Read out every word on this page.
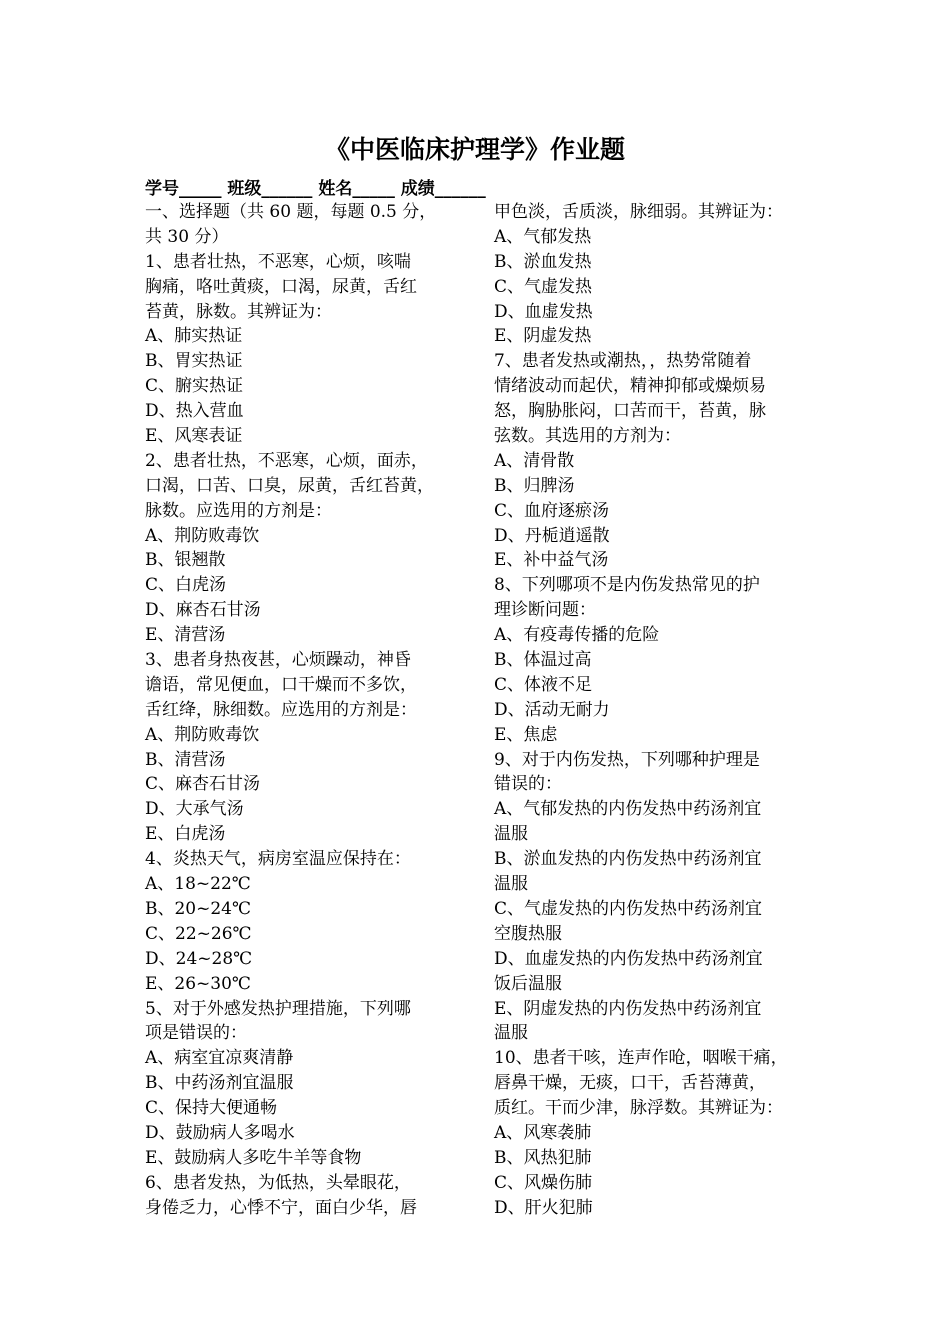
《中医临床护理学》作业题
学号_____ 班级______ 姓名_____ 成绩______
一、选择题（共 60 题，每题 0.5 分，
共 30 分）
1、患者壮热，不恶寒，心烦，咳喘
胸痛，咯吐黄痰，口渴，尿黄，舌红
苔黄，脉数。其辨证为：
A、肺实热证
B、胃实热证
C、腑实热证
D、热入营血
E、风寒表证
2、患者壮热，不恶寒，心烦，面赤，
口渴，口苦、口臭，尿黄，舌红苔黄，
脉数。应选用的方剂是：
A、荆防败毒饮
B、银翘散
C、白虎汤
D、麻杏石甘汤
E、清营汤
3、患者身热夜甚，心烦躁动，神昏
谵语，常见便血，口干燥而不多饮，
舌红绛，脉细数。应选用的方剂是：
A、荆防败毒饮
B、清营汤
C、麻杏石甘汤
D、大承气汤
E、白虎汤
4、炎热天气，病房室温应保持在：
A、18~22℃
B、20~24℃
C、22~26℃
D、24~28℃
E、26~30℃
5、对于外感发热护理措施，下列哪
项是错误的：
A、病室宜凉爽清静
B、中药汤剂宜温服
C、保持大便通畅
D、鼓励病人多喝水
E、鼓励病人多吃牛羊等食物
6、患者发热，为低热，头晕眼花，
身倦乏力，心悸不宁，面白少华，唇
甲色淡，舌质淡，脉细弱。其辨证为：
A、气郁发热
B、淤血发热
C、气虚发热
D、血虚发热
E、阴虚发热
7、患者发热或潮热，，热势常随着
情绪波动而起伏，精神抑郁或燥烦易
怒，胸胁胀闷，口苦而干，苔黄，脉
弦数。其选用的方剂为：
A、清骨散
B、归脾汤
C、血府逐瘀汤
D、丹栀逍遥散
E、补中益气汤
8、下列哪项不是内伤发热常见的护
理诊断问题：
A、有疫毒传播的危险
B、体温过高
C、体液不足
D、活动无耐力
E、焦虑
9、对于内伤发热，下列哪种护理是
错误的：
A、气郁发热的内伤发热中药汤剂宜
温服
B、淤血发热的内伤发热中药汤剂宜
温服
C、气虚发热的内伤发热中药汤剂宜
空腹热服
D、血虚发热的内伤发热中药汤剂宜
饭后温服
E、阴虚发热的内伤发热中药汤剂宜
温服
10、患者干咳，连声作呛，咽喉干痛，
唇鼻干燥，无痰，口干，舌苔薄黄，
质红。干而少津，脉浮数。其辨证为：
A、风寒袭肺
B、风热犯肺
C、风燥伤肺
D、肝火犯肺
